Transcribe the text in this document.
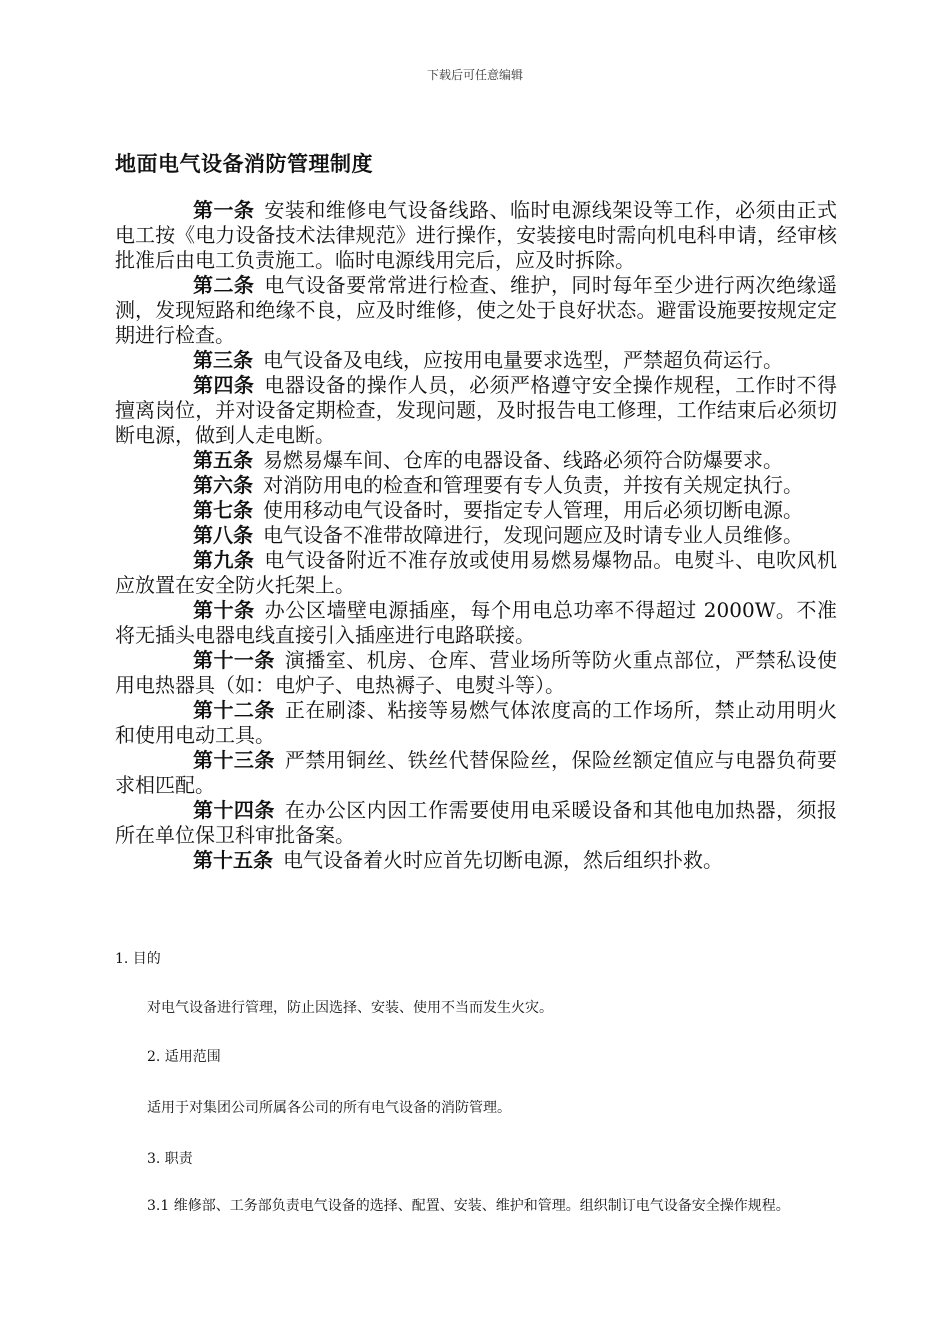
下载后可任意编辑
地面电气设备消防管理制度

第一条 安装和维修电气设备线路、临时电源线架设等工作，必须由正式电工按《电力设备技术法律规范》进行操作，安装接电时需向机电科申请，经审核批准后由电工负责施工。临时电源线用完后，应及时拆除。

第二条 电气设备要常常进行检查、维护，同时每年至少进行两次绝缘遥测，发现短路和绝缘不良，应及时维修，使之处于良好状态。避雷设施要按规定定期进行检查。

第三条 电气设备及电线，应按用电量要求选型，严禁超负荷运行。

第四条 电器设备的操作人员，必须严格遵守安全操作规程，工作时不得擅离岗位，并对设备定期检查，发现问题，及时报告电工修理，工作结束后必须切断电源，做到人走电断。

第五条 易燃易爆车间、仓库的电器设备、线路必须符合防爆要求。

第六条 对消防用电的检查和管理要有专人负责，并按有关规定执行。

第七条 使用移动电气设备时，要指定专人管理，用后必须切断电源。

第八条 电气设备不准带故障进行，发现问题应及时请专业人员维修。

第九条 电气设备附近不准存放或使用易燃易爆物品。电熨斗、电吹风机应放置在安全防火托架上。

第十条 办公区墙壁电源插座，每个用电总功率不得超过 2000W。不准将无插头电器电线直接引入插座进行电路联接。

第十一条 演播室、机房、仓库、营业场所等防火重点部位，严禁私设使用电热器具（如：电炉子、电热褥子、电熨斗等）。

第十二条 正在刷漆、粘接等易燃气体浓度高的工作场所，禁止动用明火和使用电动工具。

第十三条 严禁用铜丝、铁丝代替保险丝，保险丝额定值应与电器负荷要求相匹配。

第十四条 在办公区内因工作需要使用电采暖设备和其他电加热器，须报所在单位保卫科审批备案。

第十五条 电气设备着火时应首先切断电源，然后组织扑救。

1. 目的
对电气设备进行管理，防止因选择、安装、使用不当而发生火灾。
2. 适用范围
适用于对集团公司所属各公司的所有电气设备的消防管理。
3. 职责
3.1 维修部、工务部负责电气设备的选择、配置、安装、维护和管理。组织制订电气设备安全操作规程。
